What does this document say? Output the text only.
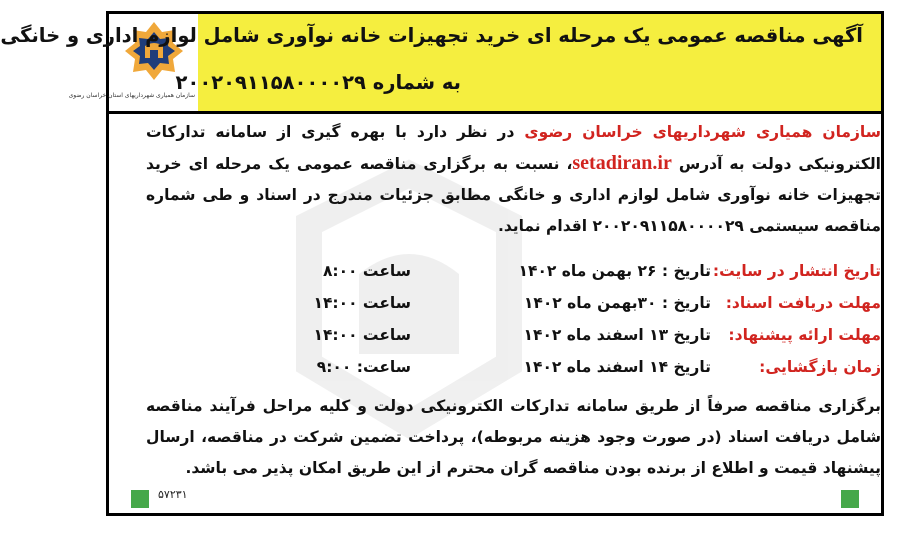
سازمان همیاری شهرداریهای استان خراسان رضوی
آگهی مناقصه عمومی یک مرحله ای خرید تجهیزات خانه نوآوری شامل لوازم اداری و خانگی
به شماره ۲۰۰۲۰۹۱۱۵۸۰۰۰۰۲۹
سازمان همیاری شهرداریهای خراسان رضوی در نظر دارد با بهره گیری از سامانه تدارکات الکترونیکی دولت به آدرس setadiran.ir، نسبت به برگزاری مناقصه عمومی یک مرحله ای خرید تجهیزات خانه نوآوری شامل لوازم اداری و خانگی مطابق جزئیات مندرج در اسناد و طی شماره مناقصه سیستمی ۲۰۰۲۰۹۱۱۵۸۰۰۰۰۲۹ اقدام نماید.
تاریخ انتشار در سایت:
تاریخ : ۲۶ بهمن ماه ۱۴۰۲
ساعت ۸:۰۰
مهلت دریافت اسناد:
تاریخ : ۳۰بهمن ماه ۱۴۰۲
ساعت ۱۴:۰۰
مهلت ارائه پیشنهاد:
تاریخ ۱۳ اسفند ماه ۱۴۰۲
ساعت ۱۴:۰۰
زمان بازگشایی:
تاریخ ۱۴ اسفند ماه ۱۴۰۲
ساعت: ۹:۰۰
برگزاری مناقصه صرفاً از طریق سامانه تدارکات الکترونیکی دولت و کلیه مراحل فرآیند مناقصه شامل دریافت اسناد (در صورت وجود هزینه مربوطه)، پرداخت تضمین شرکت در مناقصه، ارسال پیشنهاد قیمت و اطلاع از برنده بودن مناقصه گران محترم از این طریق امکان پذیر می باشد.
۵۷۲۳۱
